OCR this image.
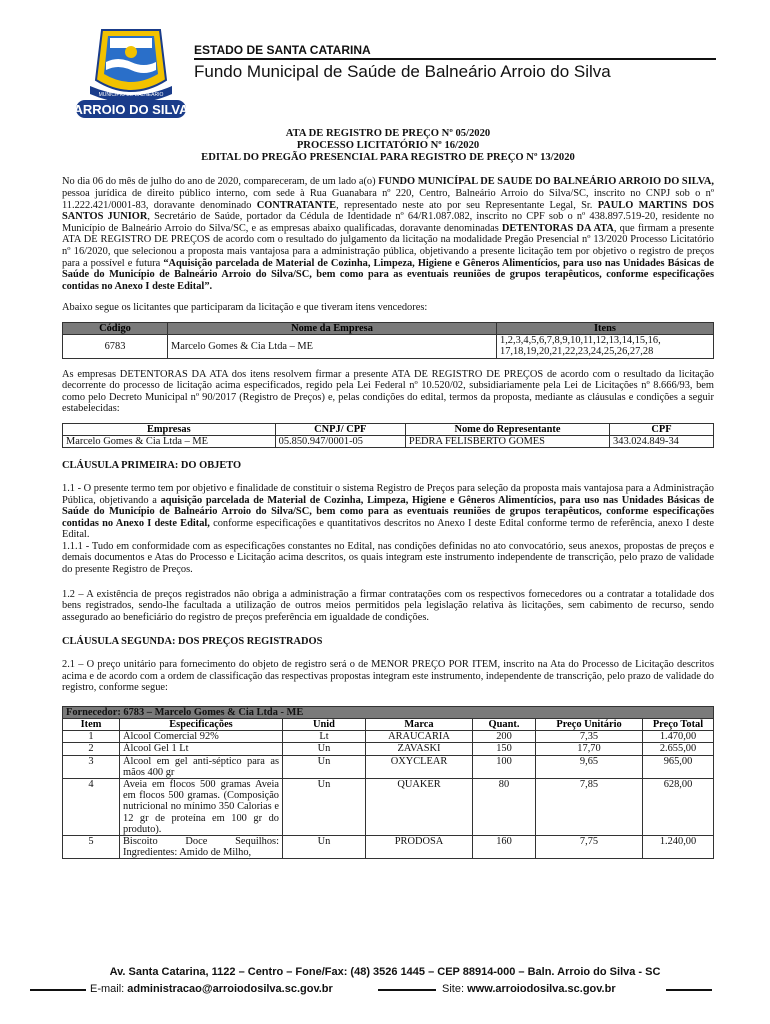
MUNICÍPIO DE BALNEÁRIO
ARROIO DO SILVA
ESTADO DE SANTA CATARINA
Fundo Municipal de Saúde de Balneário Arroio do Silva
ATA DE REGISTRO DE PREÇO Nº 05/2020
PROCESSO LICITATÓRIO Nº 16/2020
EDITAL DO PREGÃO PRESENCIAL PARA REGISTRO DE PREÇO Nº 13/2020

No dia 06 do mês de julho do ano de 2020, compareceram, de um lado a(o) FUNDO MUNICÍPAL DE SAUDE DO BALNEÁRIO ARROIO DO SILVA, pessoa jurídica de direito público interno, com sede à Rua Guanabara nº 220, Centro, Balneário Arroio do Silva/SC, inscrito no CNPJ sob o nº 11.222.421/0001-83, doravante denominado CONTRATANTE, representado neste ato por seu Representante Legal, Sr. PAULO MARTINS DOS SANTOS JUNIOR, Secretário de Saúde, portador da Cédula de Identidade nº 64/R1.087.082, inscrito no CPF sob o nº 438.897.519-20, residente no Município de Balneário Arroio do Silva/SC, e as empresas abaixo qualificadas, doravante denominadas DETENTORAS DA ATA, que firmam a presente ATA DE REGISTRO DE PREÇOS de acordo com o resultado do julgamento da licitação na modalidade Pregão Presencial nº 13/2020 Processo Licitatório nº 16/2020, que selecionou a proposta mais vantajosa para a administração pública, objetivando a presente licitação tem por objetivo o registro de preços para a possível e futura “Aquisição parcelada de Material de Cozinha, Limpeza, Higiene e Gêneros Alimentícios, para uso nas Unidades Básicas de Saúde do Município de Balneário Arroio do Silva/SC, bem como para as eventuais reuniões de grupos terapêuticos, conforme especificações contidas no Anexo I deste Edital”.

Abaixo segue os licitantes que participaram da licitação e que tiveram itens vencedores:

Código	Nome da Empresa	Itens
6783	Marcelo Gomes & Cia Ltda – ME	1,2,3,4,5,6,7,8,9,10,11,12,13,14,15,16, 17,18,19,20,21,22,23,24,25,26,27,28

As empresas DETENTORAS DA ATA dos itens resolvem firmar a presente ATA DE REGISTRO DE PREÇOS de acordo com o resultado da licitação decorrente do processo de licitação acima especificados, regido pela Lei Federal nº 10.520/02, subsidiariamente pela Lei de Licitações nº 8.666/93, bem como pelo Decreto Municipal nº 90/2017 (Registro de Preços) e, pelas condições do edital, termos da proposta, mediante as cláusulas e condições a seguir estabelecidas:

Empresas	CNPJ/ CPF	Nome do Representante	CPF
Marcelo Gomes & Cia Ltda – ME	05.850.947/0001-05	PEDRA FELISBERTO GOMES	343.024.849-34
CLÁUSULA PRIMEIRA: DO OBJETO

1.1 - O presente termo tem por objetivo e finalidade de constituir o sistema Registro de Preços para seleção da proposta mais vantajosa para a Administração Pública, objetivando a aquisição parcelada de Material de Cozinha, Limpeza, Higiene e Gêneros Alimentícios, para uso nas Unidades Básicas de Saúde do Município de Balneário Arroio do Silva/SC, bem como para as eventuais reuniões de grupos terapêuticos, conforme especificações contidas no Anexo I deste Edital, conforme especificações e quantitativos descritos no Anexo I deste Edital conforme termo de referência, anexo I deste Edital.

1.1.1 - Tudo em conformidade com as especificações constantes no Edital, nas condições definidas no ato convocatório, seus anexos, propostas de preços e demais documentos e Atas do Processo e Licitação acima descritos, os quais integram este instrumento independente de transcrição, pelo prazo de validade do presente Registro de Preços.

1.2 – A existência de preços registrados não obriga a administração a firmar contratações com os respectivos fornecedores ou a contratar a totalidade dos bens registrados, sendo-lhe facultada a utilização de outros meios permitidos pela legislação relativa às licitações, sem cabimento de recurso, sendo assegurado ao beneficiário do registro de preços preferência em igualdade de condições.

CLÁUSULA SEGUNDA: DOS PREÇOS REGISTRADOS

2.1 – O preço unitário para fornecimento do objeto de registro será o de MENOR PREÇO POR ITEM, inscrito na Ata do Processo de Licitação descritos acima e de acordo com a ordem de classificação das respectivas propostas integram este instrumento, independente de transcrição, pelo prazo de validade do registro, conforme segue:

Fornecedor: 6783 – Marcelo Gomes & Cia Ltda - ME						
Item	Especificações	Unid	Marca	Quant.	Preço Unitário	Preço Total
1	Álcool Comercial 92%	Lt	ARAUCARIA	200	7,35	1.470,00
2	Álcool Gel 1 Lt	Un	ZAVASKI	150	17,70	2.655,00
3	Álcool em gel anti-séptico para as mãos 400 gr	Un	OXYCLEAR	100	9,65	965,00
4	Aveia em flocos 500 gramas Aveia em flocos 500 gramas. (Composição nutricional no mínimo 350 Calorias e 12 gr de proteína em 100 gr do produto).	Un	QUAKER	80	7,85	628,00
5	Biscoito Doce Sequilhos: Ingredientes: Amido de Milho,	Un	PRODOSA	160	7,75	1.240,00
Av. Santa Catarina, 1122 – Centro – Fone/Fax: (48) 3526 1445 – CEP 88914-000 – Baln. Arroio do Silva - SC
E-mail: administracao@arroiodosilva.sc.gov.br	Site: www.arroiodosilva.sc.gov.br
